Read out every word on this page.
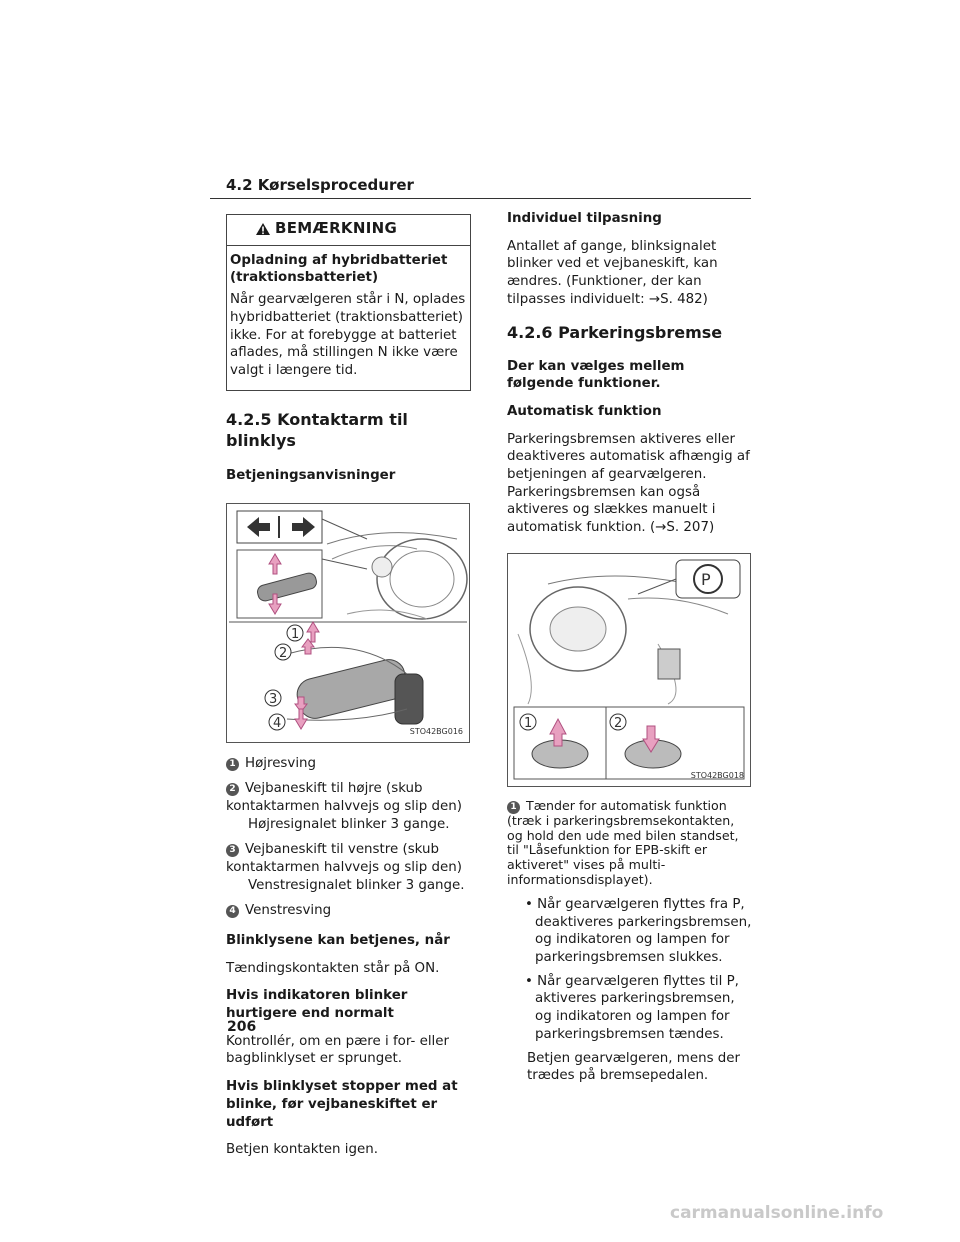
4.2 Kørselsprocedurer
BEMÆRKNING

Opladning af hybridbatteriet (traktionsbatteriet)

Når gearvælgeren står i N, oplades hybridbatteriet (traktionsbatteriet) ikke. For at forebygge at batteriet aflades, må stillingen N ikke være valgt i længere tid.

4.2.5 Kontaktarm til blinklys

Betjeningsanvisninger

1
2
3
4
STO42BG016
1 Højresving
2 Vejbaneskift til højre (skub kontaktarmen halvvejs og slip den)
Højresignalet blinker 3 gange.
3 Vejbaneskift til venstre (skub kontaktarmen halvvejs og slip den)
Venstresignalet blinker 3 gange.
4 Venstresving

Blinklysene kan betjenes, når

Tændingskontakten står på ON.

Hvis indikatoren blinker hurtigere end normalt

Kontrollér, om en pære i for- eller bagblinklyset er sprunget.

Hvis blinklyset stopper med at blinke, før vejbaneskiftet er udført

Betjen kontakten igen.

Individuel tilpasning

Antallet af gange, blinksignalet blinker ved et vejbaneskift, kan ændres. (Funktioner, der kan tilpasses individuelt: →S. 482)

4.2.6 Parkeringsbremse

Der kan vælges mellem følgende funktioner.

Automatisk funktion

Parkeringsbremsen aktiveres eller deaktiveres automatisk afhængig af betjeningen af gearvælgeren. Parkeringsbremsen kan også aktiveres og slækkes manuelt i automatisk funktion. (→S. 207)

P
1	2
STO42BG018
1 Tænder for automatisk funktion (træk i parkeringsbremsekontakten, og hold den ude med bilen standset, til "Låsefunktion for EPB-skift er aktiveret" vises på multi-informationsdisplayet).
• Når gearvælgeren flyttes fra P, deaktiveres parkeringsbremsen, og indikatoren og lampen for parkeringsbremsen slukkes.
• Når gearvælgeren flyttes til P, aktiveres parkeringsbremsen, og indikatoren og lampen for parkeringsbremsen tændes.
Betjen gearvælgeren, mens der trædes på bremsepedalen.
206
carmanualsonline.info
